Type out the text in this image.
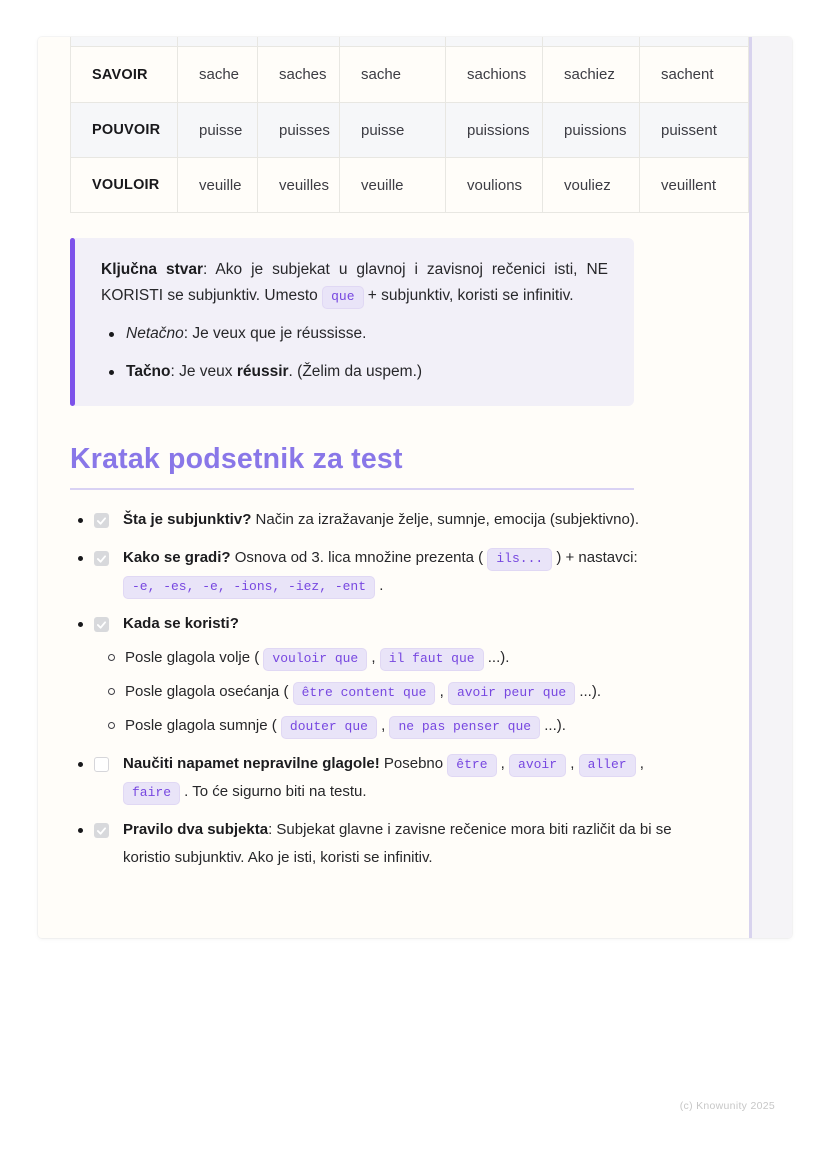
SAVOIR	sache	saches	sache	sachions	sachiez	sachent
POUVOIR	puisse	puisses	puisse	puissions	puissions	puissent
VOULOIR	veuille	veuilles	veuille	voulions	vouliez	veuillent

Ključna stvar: Ako je subjekat u glavnoj i zavisnoj rečenici isti, NE KORISTI se subjunktiv. Umesto que + subjunktiv, koristi se infinitiv.

Netačno: Je veux que je réussisse.
Tačno: Je veux réussir. (Želim da uspem.)
Kratak podsetnik za test
Šta je subjunktiv? Način za izražavanje želje, sumnje, emocija (subjektivno).
Kako se gradi? Osnova od 3. lica množine prezenta ( ils... ) + nastavci: -e, -es, -e, -ions, -iez, -ent .
Kada se koristi?
Posle glagola volje ( vouloir que , il faut que ...).
Posle glagola osećanja ( être content que , avoir peur que ...).
Posle glagola sumnje ( douter que , ne pas penser que ...).
Naučiti napamet nepravilne glagole! Posebno être , avoir , aller , faire . To će sigurno biti na testu.
Pravilo dva subjekta: Subjekat glavne i zavisne rečenice mora biti različit da bi se koristio subjunktiv. Ako je isti, koristi se infinitiv.
(c) Knowunity 2025
